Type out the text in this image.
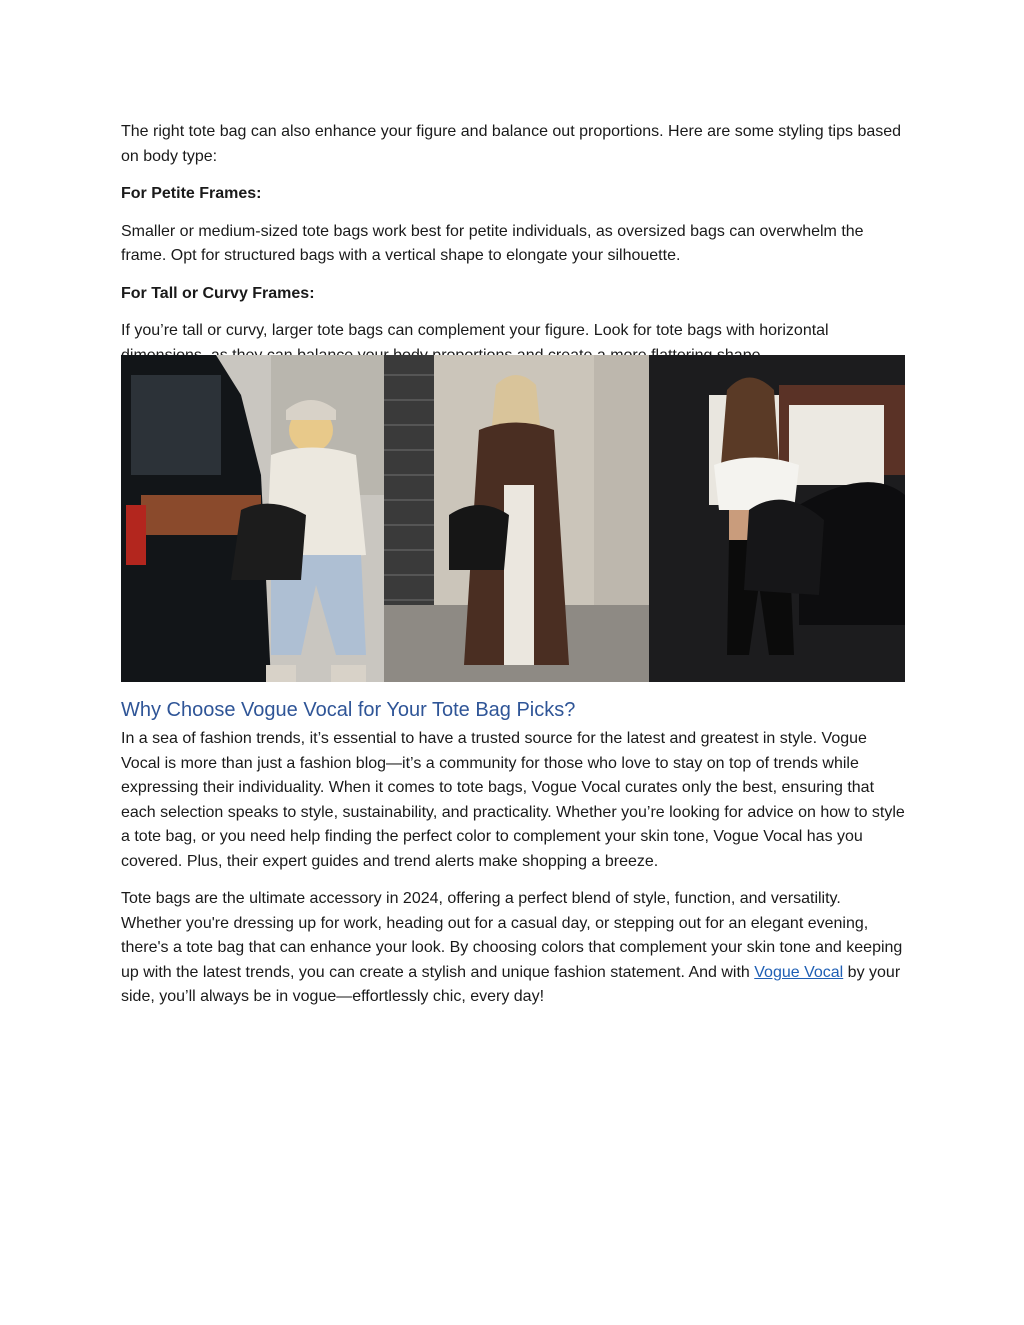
The right tote bag can also enhance your figure and balance out proportions. Here are some styling tips based on body type:

For Petite Frames:

Smaller or medium-sized tote bags work best for petite individuals, as oversized bags can overwhelm the frame. Opt for structured bags with a vertical shape to elongate your silhouette.

For Tall or Curvy Frames:

If you’re tall or curvy, larger tote bags can complement your figure. Look for tote bags with horizontal

Why Choose Vogue Vocal for Your Tote Bag Picks?

In a sea of fashion trends, it’s essential to have a trusted source for the latest and greatest in style. Vogue Vocal is more than just a fashion blog—it’s a community for those who love to stay on top of trends while expressing their individuality. When it comes to tote bags, Vogue Vocal curates only the best, ensuring that each selection speaks to style, sustainability, and practicality. Whether you’re looking for advice on how to style a tote bag, or you need help finding the perfect color to complement your skin tone, Vogue Vocal has you covered. Plus, their expert guides and trend alerts make shopping a breeze.

Tote bags are the ultimate accessory in 2024, offering a perfect blend of style, function, and versatility. Whether you're dressing up for work, heading out for a casual day, or stepping out for an elegant evening, there's a tote bag that can enhance your look. By choosing colors that complement your skin tone and keeping up with the latest trends, you can create a stylish and unique fashion statement. And with Vogue Vocal by your side, you’ll always be in vogue—effortlessly chic, every day!
